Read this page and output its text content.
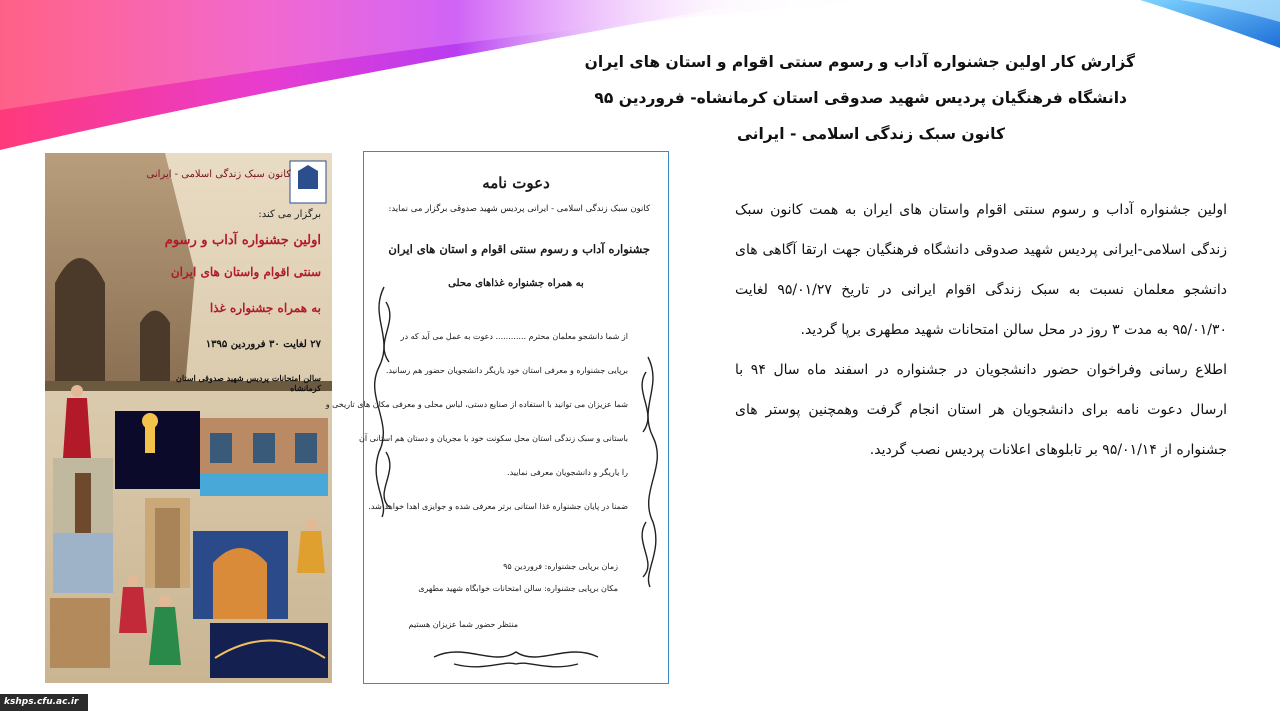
گزارش کار اولین جشنواره آداب و رسوم سنتی اقوام و استان های ایران

دانشگاه فرهنگیان پردیس شهید صدوقی استان کرمانشاه- فروردین ۹۵

کانون سبک زندگی اسلامی - ایرانی

اولین جشنواره آداب و رسوم سنتی اقوام واستان های ایران به همت کانون سبک زندگی اسلامی-ایرانی پردیس شهید صدوقی دانشگاه فرهنگیان جهت ارتقا آگاهی های دانشجو معلمان نسبت به سبک زندگی اقوام ایرانی در تاریخ ۹۵/۰۱/۲۷ لغایت ۹۵/۰۱/۳۰ به مدت ۳ روز در محل سالن امتحانات شهید مطهری برپا گردید.

اطلاع رسانی وفراخوان حضور دانشجویان در جشنواره در اسفند ماه سال ۹۴ با ارسال دعوت نامه برای دانشجویان هر استان انجام گرفت وهمچنین پوستر های جشنواره از ۹۵/۰۱/۱۴ بر تابلوهای اعلانات پردیس نصب گردید.

کانون سبک زندگی اسلامی - ایرانی
برگزار می کند:
اولین جشنواره آداب و رسوم
سنتی اقوام واستان های ایران
به همراه جشنواره غذا
۲۷ لغایت ۳۰ فروردین ۱۳۹۵
سالن امتحانات پردیس شهید صدوقی استان کرمانشاه
دعوت نامه
کانون سبک زندگی اسلامی - ایرانی پردیس شهید صدوقی برگزار می نماید:
جشنواره آداب و رسوم سنتی اقوام و استان های ایران
به همراه جشنواره غذاهای محلی
از شما دانشجو معلمان محترم ............ دعوت به عمل می آید که در
برپایی جشنواره و معرفی استان خود یاریگر دانشجویان حضور هم رسانید.
شما عزیزان می توانید با استفاده از صنایع دستی، لباس محلی و معرفی مکان های تاریخی و
باستانی و سبک زندگی استان محل سکونت خود با مجریان و دستان هم استانی آن
را یاریگر و دانشجویان معرفی نمایید.
ضمنا در پایان جشنواره غذا استانی برتر معرفی شده و جوایزی اهدا خواهد شد.
زمان برپایی جشنواره: فروردین ۹۵
مکان برپایی جشنواره: سالن امتحانات خوابگاه شهید مطهری
منتظر حضور شما عزیزان هستیم
kshps.cfu.ac.ir
